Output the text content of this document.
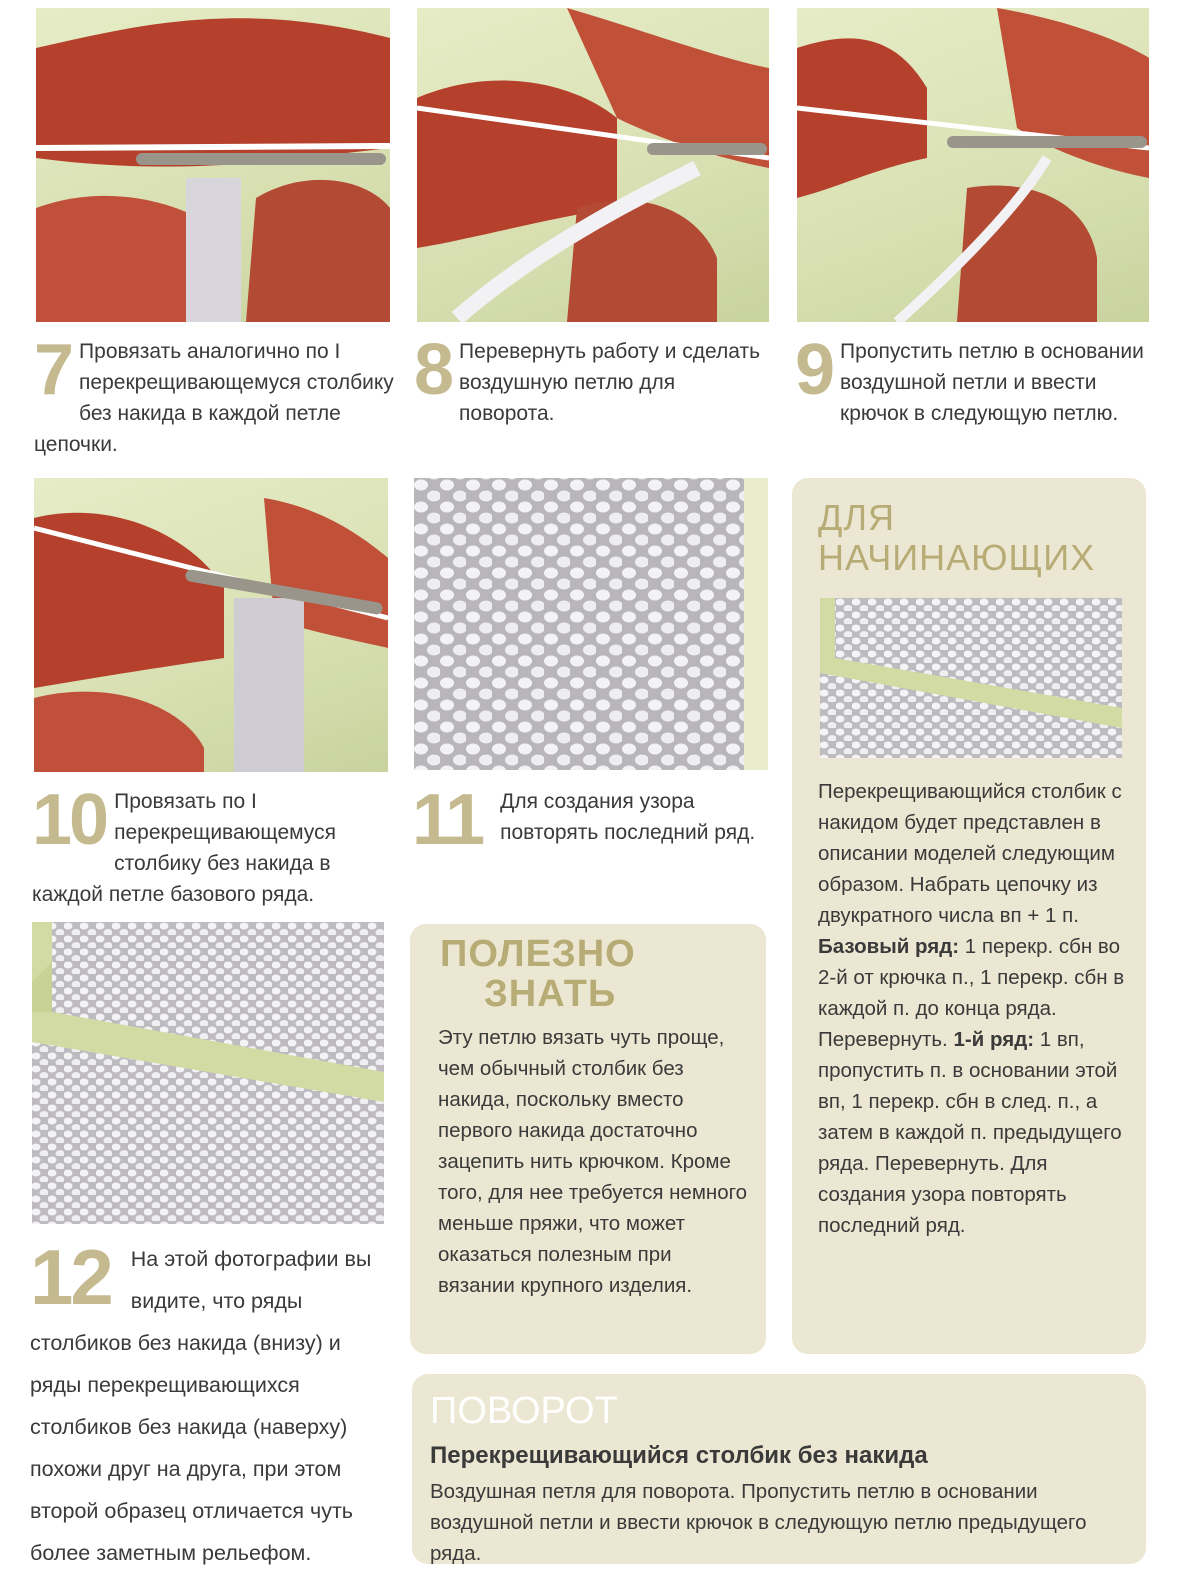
7 Провязать аналогично по I перекрещивающемуся столбику без накида в каждой петле цепочки.
8 Перевернуть работу и сделать воздушную петлю для поворота.
9 Пропустить петлю в основании воздушной петли и ввести крючок в следующую петлю.
10 Провязать по I перекрещивающемуся столбику без накида в каждой петле базового ряда.
11 Для создания узора повторять последний ряд.
12 На этой фотографии вы видите, что ряды столбиков без накида (внизу) и ряды перекрещивающихся столбиков без накида (наверху) похожи друг на друга, при этом второй образец отличается чуть более заметным рельефом.
ПОЛЕЗНО
ЗНАТЬ
Эту петлю вязать чуть проще, чем обычный столбик без накида, поскольку вместо первого накида достаточно зацепить нить крючком. Кроме того, для нее требуется немного меньше пряжи, что может оказаться полезным при вязании крупного изделия.
ДЛЯ
НАЧИНАЮЩИХ
Перекрещивающийся столбик с накидом будет представлен в описании моделей следующим образом. Набрать цепочку из двукратного числа вп + 1 п. Базовый ряд: 1 перекр. сбн во 2-й от крючка п., 1 перекр. сбн в каждой п. до конца ряда. Перевернуть. 1-й ряд: 1 вп, пропустить п. в основании этой вп, 1 перекр. сбн в след. п., а затем в каждой п. предыдущего ряда. Перевернуть. Для создания узора повторять последний ряд.
ПОВОРОТ
Перекрещивающийся столбик без накида
Воздушная петля для поворота. Пропустить петлю в основании воздушной петли и ввести крючок в следующую петлю предыдущего ряда.
